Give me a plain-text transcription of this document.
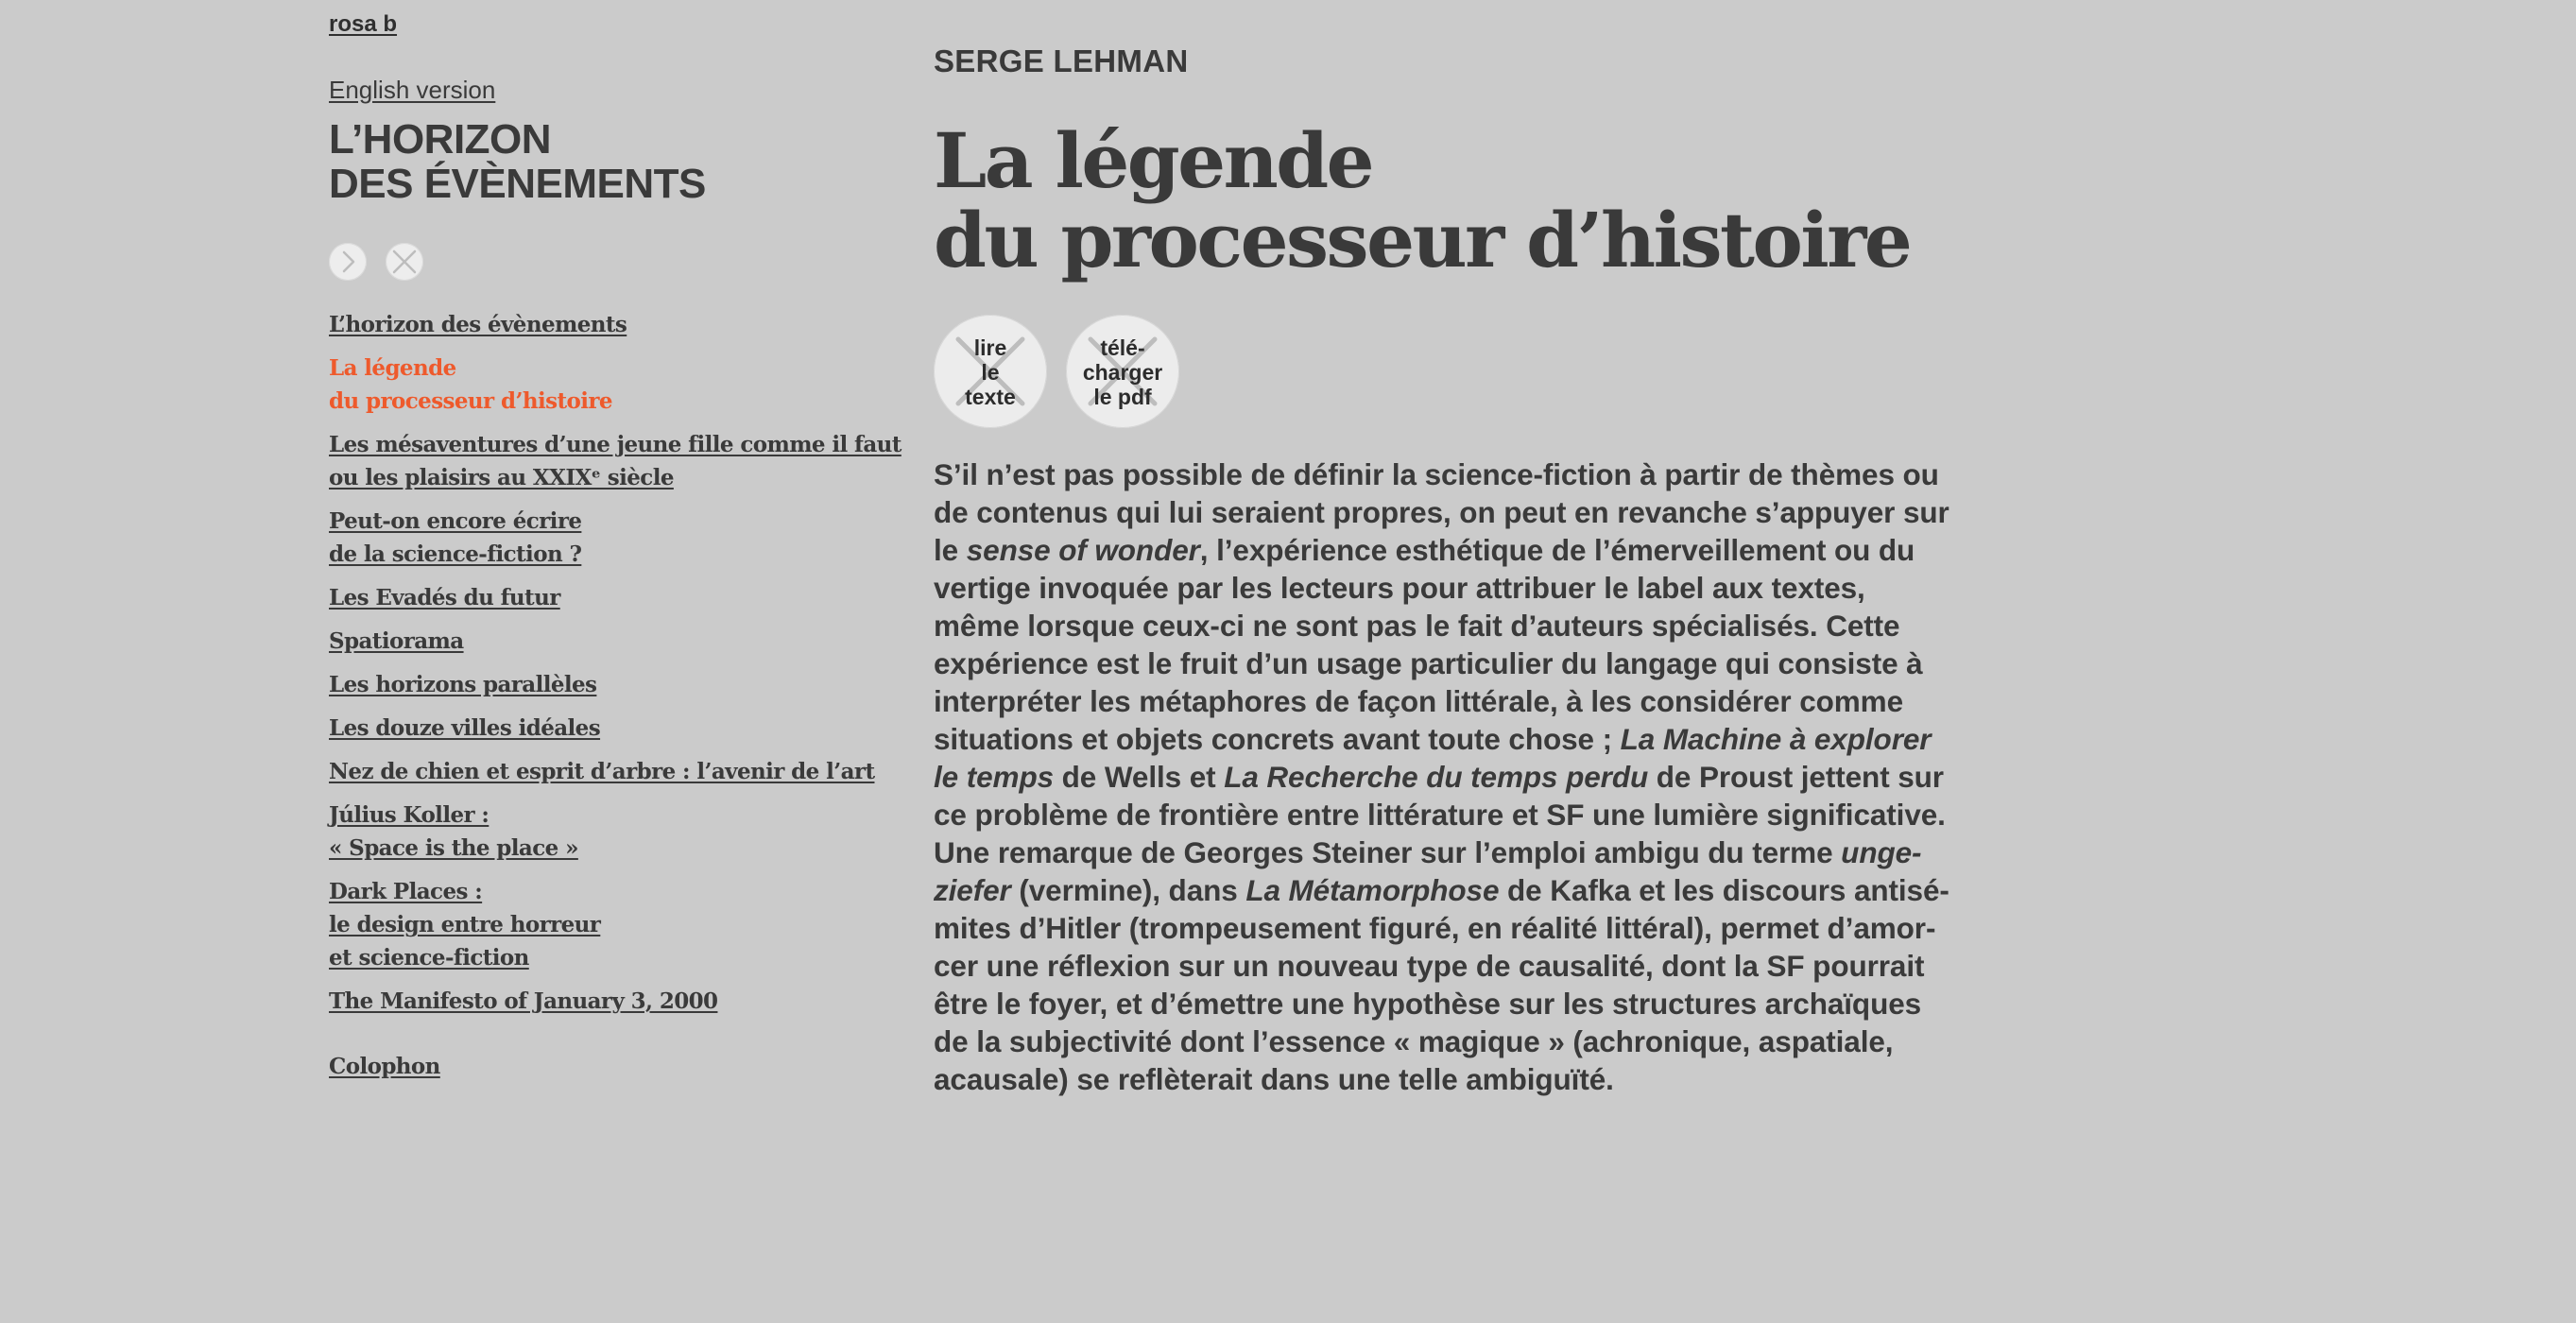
rosa b
English version
L’HORIZON
DES ÉVÈNEMENTS
L’horizon des évènements
La légende
du processeur d’histoire
Les mésaventures d’une jeune fille comme il faut
ou les plaisirs au XXIXᵉ siècle
Peut-on encore écrire
de la science-fiction ?
Les Evadés du futur
Spatiorama
Les horizons parallèles
Les douze villes idéales
Nez de chien et esprit d’arbre : l’avenir de l’art
Július Koller :
« Space is the place »
Dark Places :
le design entre horreur
et science-fiction
The Manifesto of January 3, 2000
Colophon
SERGE LEHMAN
La légende
du processeur d’histoire
lire
le
texte
télé-
charger
le pdf

S’il n’est pas possible de définir la science-fiction à partir de thèmes ou
de contenus qui lui seraient propres, on peut en revanche s’appuyer sur
le sense of wonder, l’expérience esthétique de l’émerveillement ou du
vertige invoquée par les lecteurs pour attribuer le label aux textes,
même lorsque ceux-ci ne sont pas le fait d’auteurs spécialisés. Cette
expérience est le fruit d’un usage particulier du langage qui consiste à
interpréter les métaphores de façon littérale, à les considérer comme
situations et objets concrets avant toute chose ; La Machine à explorer
le temps de Wells et La Recherche du temps perdu de Proust jettent sur
ce problème de frontière entre littérature et SF une lumière significative.
Une remarque de Georges Steiner sur l’emploi ambigu du terme unge-
ziefer (vermine), dans La Métamorphose de Kafka et les discours antisé-
mites d’Hitler (trompeusement figuré, en réalité littéral), permet d’amor-
cer une réflexion sur un nouveau type de causalité, dont la SF pourrait
être le foyer, et d’émettre une hypothèse sur les structures archaïques
de la subjectivité dont l’essence « magique » (achronique, aspatiale,
acausale) se reflèterait dans une telle ambiguïté.
